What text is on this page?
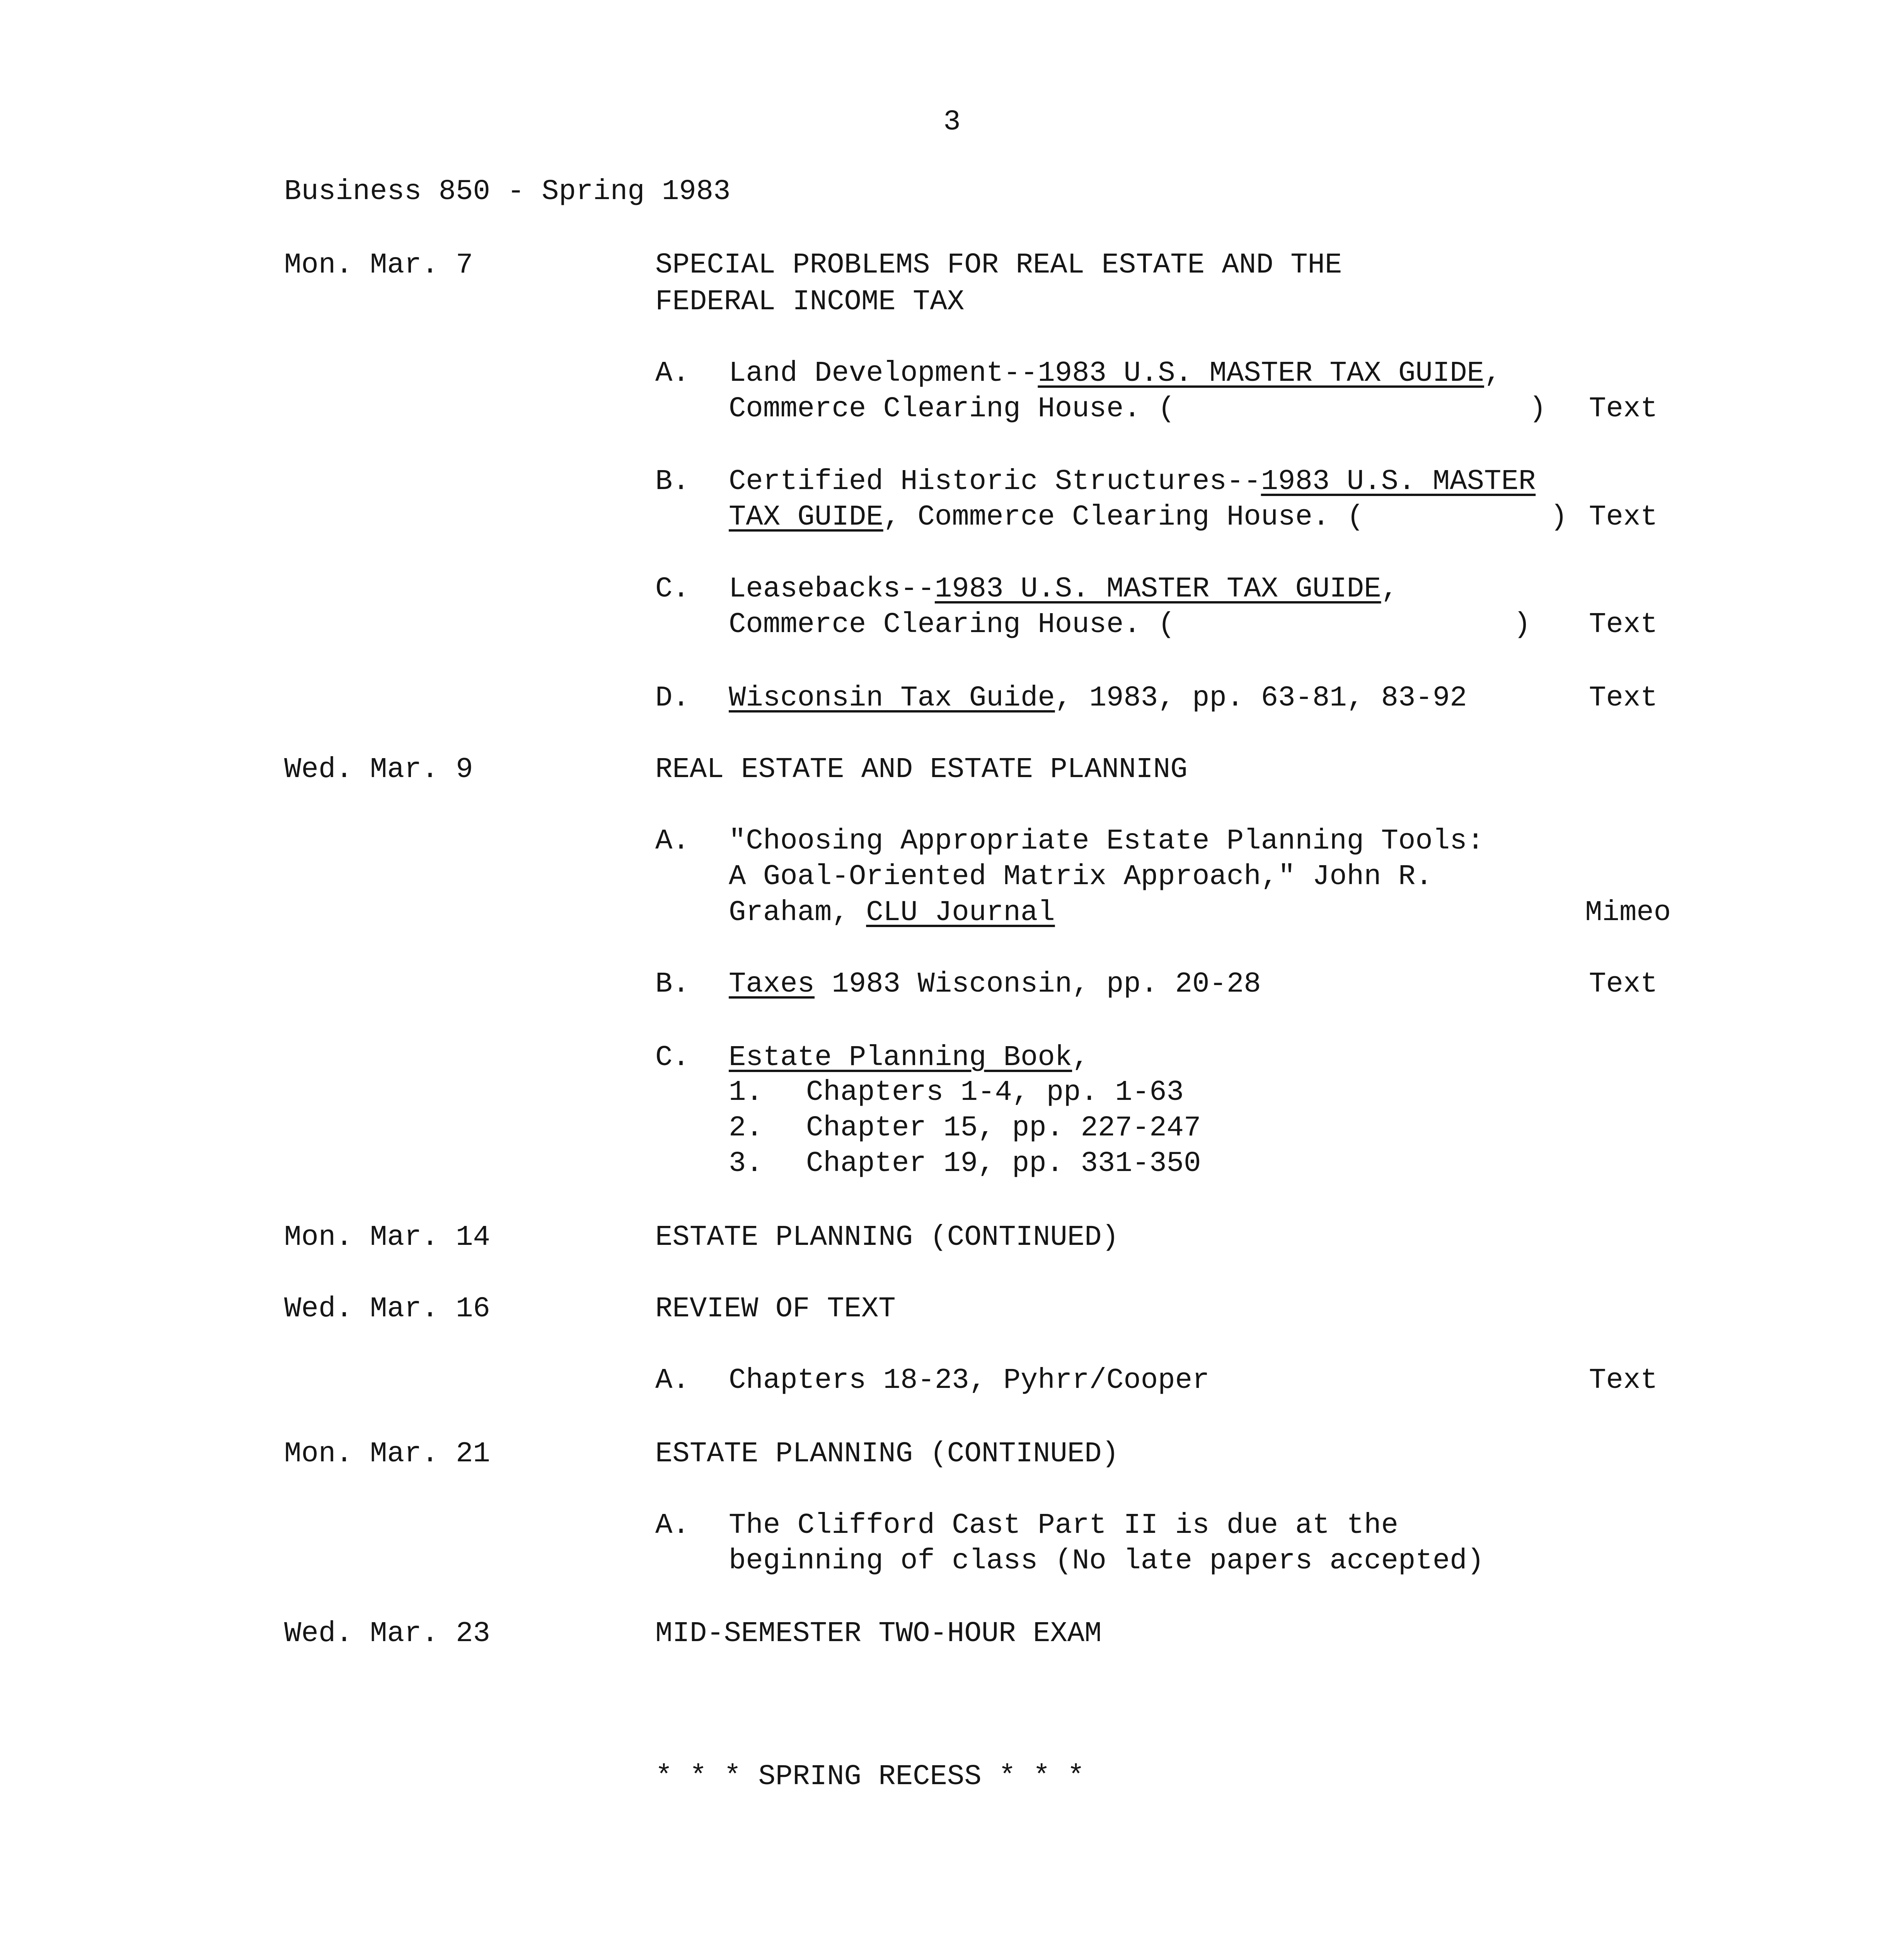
3
Business 850 - Spring 1983
Mon. Mar. 7	SPECIAL PROBLEMS FOR REAL ESTATE AND THE
FEDERAL INCOME TAX
A. Land Development--1983 U.S. MASTER TAX GUIDE,
Commerce Clearing House. (	) Text
B. Certified Historic Structures--1983 U.S. MASTER
TAX GUIDE, Commerce Clearing House. (	) Text
C. Leasebacks--1983 U.S. MASTER TAX GUIDE,
Commerce Clearing House. (	) Text
D. Wisconsin Tax Guide, 1983, pp. 63-81, 83-92	Text
Wed. Mar. 9	REAL ESTATE AND ESTATE PLANNING
A. "Choosing Appropriate Estate Planning Tools:
A Goal-Oriented Matrix Approach," John R.
Graham, CLU Journal	Mimeo
B. Taxes 1983 Wisconsin, pp. 20-28	Text
C. Estate Planning Book,
1. Chapters 1-4, pp. 1-63
2. Chapter 15, pp. 227-247
3. Chapter 19, pp. 331-350
Mon. Mar. 14	ESTATE PLANNING (CONTINUED)
Wed. Mar. 16	REVIEW OF TEXT
A. Chapters 18-23, Pyhrr/Cooper	Text
Mon. Mar. 21	ESTATE PLANNING (CONTINUED)
A. The Clifford Cast Part II is due at the
beginning of class (No late papers accepted)
Wed. Mar. 23	MID-SEMESTER TWO-HOUR EXAM
* * * SPRING RECESS * * *
